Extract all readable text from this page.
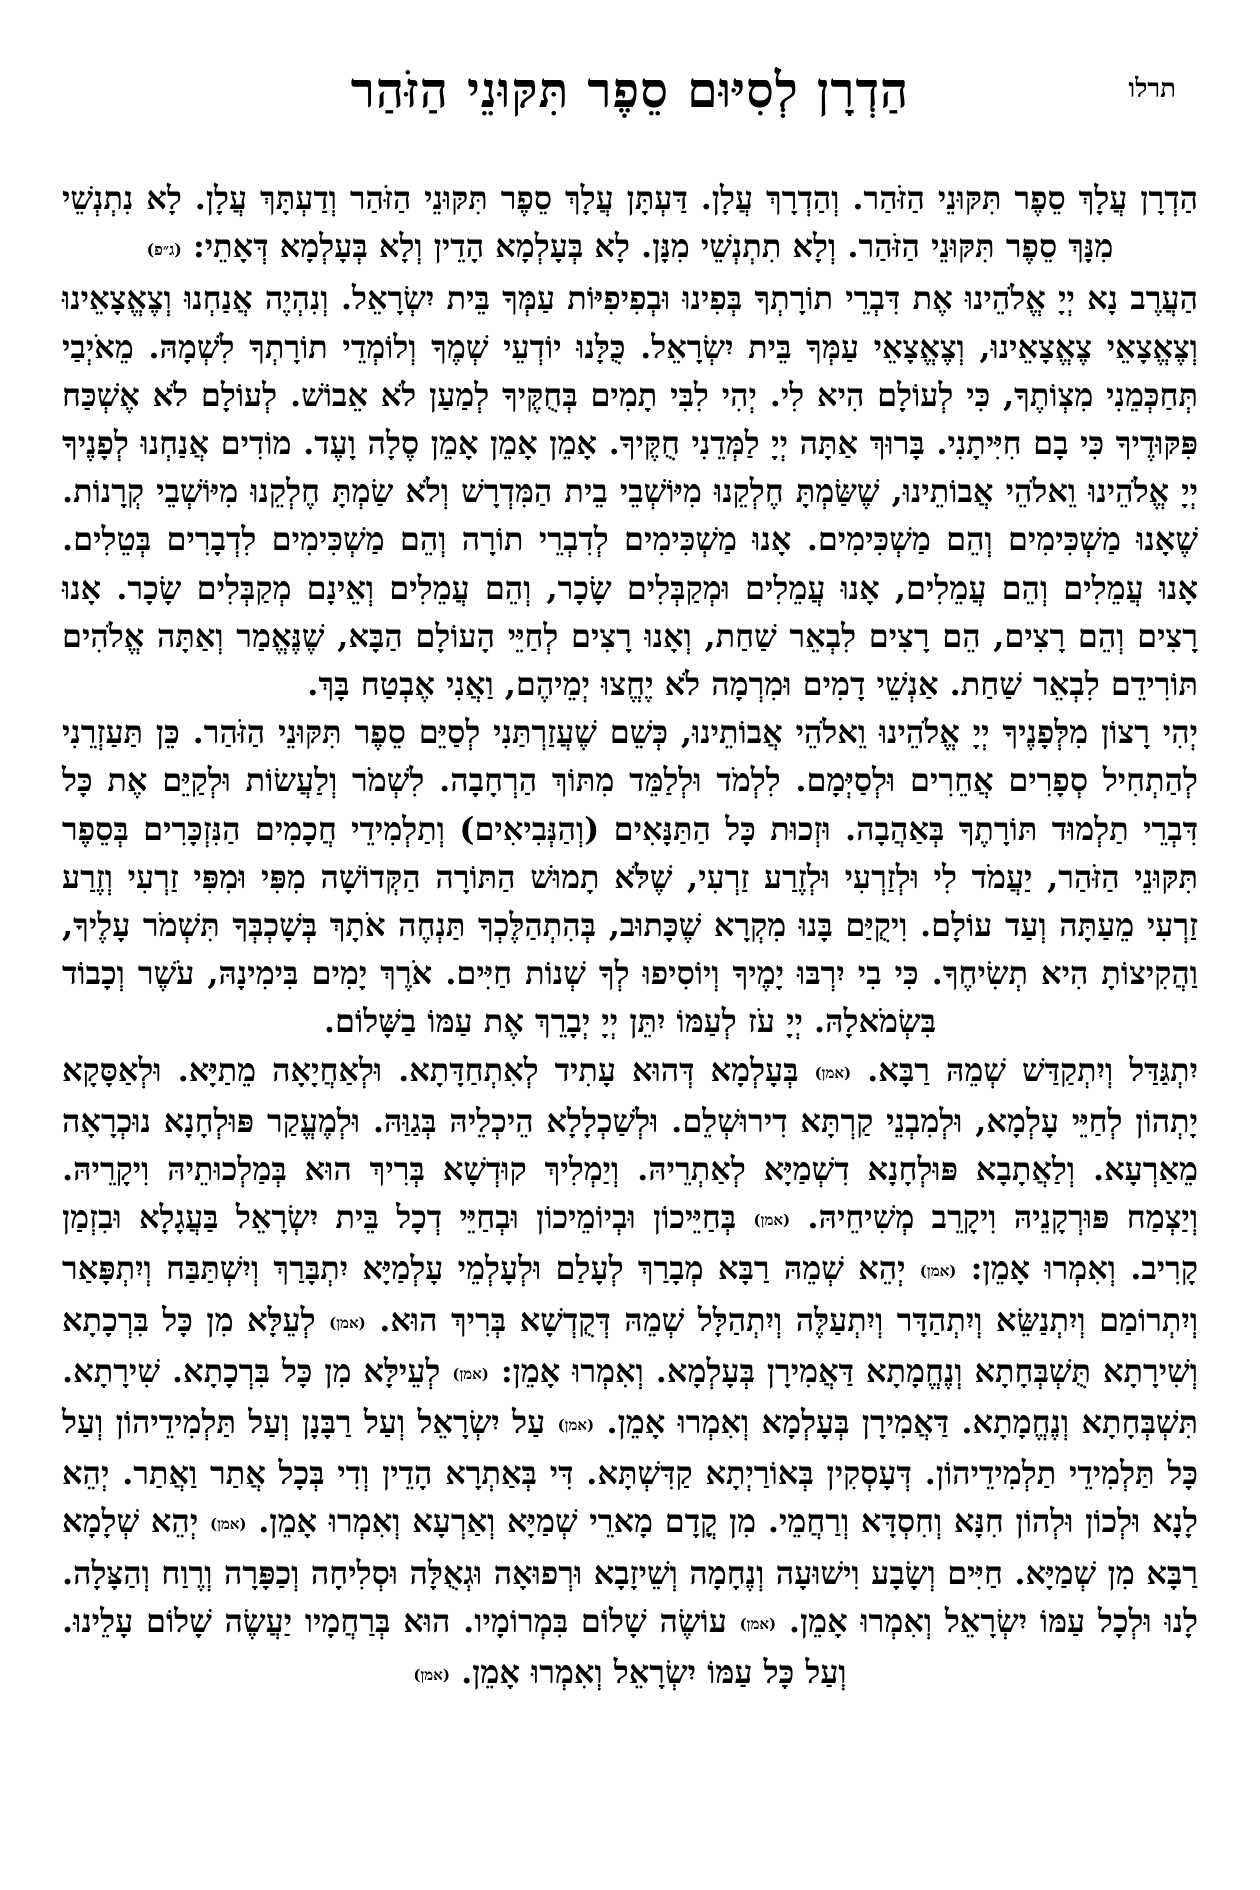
תרלו
הַדְרָן לְסִיּוּם סֵפֶר תִּקּוּנֵי הַזֹּהַר

הַדְרָן עֲלָךְ סֵפֶר תִּקּוּנֵי הַזֹּהַר. וְהַדְרָךְ עֲלָן. דַּעְתָּן עֲלָךְ סֵפֶר תִּקּוּנֵי הַזֹּהַר וְדַעְתָּךְ עֲלָן. לָא נִתְנְשֵׁי מִנָּךְ סֵפֶר תִּקּוּנֵי הַזֹּהַר. וְלָא תִתְנְשֵׁי מִנָּן. לָא בְּעָלְמָא הָדֵין וְלָא בְּעָלְמָא דְּאָתֵי: (ג״פ)

הַעֲרֶב נָא יְיָ אֱלֹהֵינוּ אֶת דִּבְרֵי תוֹרָתְךָ בְּפִינוּ וּבְפִיפִיּוֹת עַמְּךָ בֵּית יִשְׂרָאֵל. וְנִהְיֶה אֲנַחְנוּ וְצֶאֱצָאֵינוּ וְצֶאֱצָאֵי צֶאֱצָאֵינוּ, וְצֶאֱצָאֵי עַמְּךָ בֵּית יִשְׂרָאֵל. כֻּלָּנוּ יוֹדְעֵי שְׁמֶךָ וְלוֹמְדֵי תוֹרָתְךָ לִשְׁמָהּ. מֵאֹיְבַי תְּחַכְּמֵנִי מִצְוֹתֶךָ, כִּי לְעוֹלָם הִיא לִי. יְהִי לִבִּי תָמִים בְּחֻקֶּיךָ לְמַעַן לֹא אֵבוֹשׁ. לְעוֹלָם לֹא אֶשְׁכַּח פִּקּוּדֶיךָ כִּי בָם חִיִּיתָנִי. בָּרוּךְ אַתָּה יְיָ לַמְּדֵנִי חֻקֶּיךָ. אָמֵן אָמֵן אָמֵן סֶלָה וָעֶד. מוֹדִים אֲנַחְנוּ לְפָנֶיךָ יְיָ אֱלֹהֵינוּ וֵאלֹהֵי אֲבוֹתֵינוּ, שֶׁשַּׂמְתָּ חֶלְקֵנוּ מִיּוֹשְׁבֵי בֵית הַמִּדְרָשׁ וְלֹא שַׂמְתָּ חֶלְקֵנוּ מִיּוֹשְׁבֵי קְרָנוֹת. שֶׁאָנוּ מַשְׁכִּימִים וְהֵם מַשְׁכִּימִים. אָנוּ מַשְׁכִּימִים לְדִבְרֵי תוֹרָה וְהֵם מַשְׁכִּימִים לִדְבָרִים בְּטֵלִים. אָנוּ עֲמֵלִים וְהֵם עֲמֵלִים, אָנוּ עֲמֵלִים וּמְקַבְּלִים שָׂכָר, וְהֵם עֲמֵלִים וְאֵינָם מְקַבְּלִים שָׂכָר. אָנוּ רָצִים וְהֵם רָצִים, הֵם רָצִים לִבְאֵר שַׁחַת, וְאָנוּ רָצִים לְחַיֵּי הָעוֹלָם הַבָּא, שֶׁנֶּאֱמַר וְאַתָּה אֱלֹהִים תּוֹרִידֵם לִבְאֵר שַׁחַת. אַנְשֵׁי דָמִים וּמִרְמָה לֹא יֶחֱצוּ יְמֵיהֶם, וַאֲנִי אֶבְטַח בָּךְ.

יְהִי רָצוֹן מִלְּפָנֶיךָ יְיָ אֱלֹהֵינוּ וֵאלֹהֵי אֲבוֹתֵינוּ, כְּשֵׁם שֶׁעֲזַרְתַּנִי לְסַיֵּם סֵפֶר תִּקּוּנֵי הַזֹּהַר. כֵּן תַּעַזְרֵנִי לְהַתְחִיל סְפָרִים אֲחֵרִים וּלְסַיְּמָם. לִלְמֹד וּלְלַמֵּד מִתּוֹךְ הַרְחָבָה. לִשְׁמֹר וְלַעֲשׂוֹת וּלְקַיֵּם אֶת כָּל דִּבְרֵי תַלְמוּד תּוֹרָתֶךָ בְּאַהֲבָה. וּזְכוּת כָּל הַתַּנָּאִים (וְהַנְּבִיאִים) וְתַלְמִידֵי חֲכָמִים הַנִּזְכָּרִים בְּסֵפֶר תִּקּוּנֵי הַזֹּהַר, יַעֲמֹד לִי וּלְזַרְעִי וּלְזֶרַע זַרְעִי, שֶׁלֹּא תָמוּשׁ הַתּוֹרָה הַקְּדוֹשָׁה מִפִּי וּמִפִּי זַרְעִי וְזֶרַע זַרְעִי מֵעַתָּה וְעַד עוֹלָם. וִיקֻיַּם בָּנוּ מִקְרָא שֶׁכָּתוּב, בְּהִתְהַלֶּכְךָ תַּנְחֶה אֹתָךְ בְּשָׁכְבְּךָ תִּשְׁמֹר עָלֶיךָ, וַהֲקִיצוֹתָ הִיא תְשִׂיחֶךָ. כִּי בִי יִרְבּוּ יָמֶיךָ וְיוֹסִיפוּ לְךָ שְׁנוֹת חַיִּים. אֹרֶךְ יָמִים בִּימִינָהּ, עֹשֶׁר וְכָבוֹד בִּשְׂמֹאלָהּ. יְיָ עֹז לְעַמּוֹ יִתֵּן יְיָ יְבָרֵךְ אֶת עַמּוֹ בַשָּׁלוֹם.

יִתְגַּדַּל וְיִתְקַדַּשׁ שְׁמֵהּ רַבָּא. (אמן) בְּעָלְמָא דְּהוּא עָתִיד לְאִתְחַדָּתָא. וּלְאַחֲיָאָה מֵתַיָּא. וּלְאַסָּקָא יָתְהוֹן לְחַיֵּי עָלְמָא, וּלְמִבְנֵי קַרְתָּא דִירוּשְׁלֵם. וּלְשַׁכְלָלָא הֵיכְלֵיהּ בְּגַוַּהּ. וּלְמֶעֱקַר פּוּלְחָנָא נוּכְרָאָה מֵאַרְעָא. וְלַאֲתָבָא פּוּלְחָנָא דִשְׁמַיָּא לְאַתְרֵיהּ. וְיַמְלִיךְ קוּדְשָׁא בְּרִיךְ הוּא בְּמַלְכוּתֵיהּ וִיקָרֵיהּ. וְיַצְמַח פּוּרְקָנֵיהּ וִיקָרֵב מְשִׁיחֵיהּ. (אמן) בְּחַיֵּיכוֹן וּבְיוֹמֵיכוֹן וּבְחַיֵּי דְכָל בֵּית יִשְׂרָאֵל בַּעֲגָלָא וּבִזְמַן קָרִיב. וְאִמְרוּ אָמֵן: (אמן) יְהֵא שְׁמֵהּ רַבָּא מְבָרַךְ לְעָלַם וּלְעָלְמֵי עָלְמַיָּא יִתְבָּרַךְ וְיִשְׁתַּבַּח וְיִתְפָּאַר וְיִתְרוֹמַם וְיִתְנַשֵּׂא וְיִתְהַדָּר וְיִתְעַלֶּה וְיִתְהַלָּל שְׁמֵהּ דְּקֻדְשָׁא בְּרִיךְ הוּא. (אמן) לְעֵלָּא מִן כָּל בִּרְכָתָא וְשִׁירָתָא תֻּשְׁבְּחָתָא וְנֶחֱמָתָא דַּאֲמִירָן בְּעָלְמָא. וְאִמְרוּ אָמֵן: (אמן) לְעֵילָּא מִן כָּל בִּרְכָתָא. שִׁירָתָא. תִּשְׁבְּחָתָא וְנֶחֱמָתָא. דַּאֲמִירָן בְּעָלְמָא וְאִמְרוּ אָמֵן. (אמן) עַל יִשְׂרָאֵל וְעַל רַבָּנָן וְעַל תַּלְמִידֵיהוֹן וְעַל כָּל תַּלְמִידֵי תַלְמִידֵיהוֹן. דְּעָסְקִין בְּאוֹרַיְתָא קַדִּשְׁתָּא. דִּי בְּאַתְרָא הָדֵין וְדִי בְּכָל אֲתַר וַאֲתַר. יְהֵא לָנָא וּלְכוֹן וּלְהוֹן חִנָּא וְחִסְדָּא וְרַחֲמֵי. מִן קֳדָם מָארֵי שְׁמַיָּא וְאַרְעָא וְאִמְרוּ אָמֵן. (אמן) יְהֵא שְׁלָמָא רַבָּא מִן שְׁמַיָּא. חַיִּים וְשָׂבָע וִישׁוּעָה וְנֶחָמָה וְשֵׁיזָבָא וּרְפוּאָה וּגְאֻלָּה וּסְלִיחָה וְכַפָּרָה וְרֶוַח וְהַצָּלָה. לָנוּ וּלְכָל עַמּוֹ יִשְׂרָאֵל וְאִמְרוּ אָמֵן. (אמן) עוֹשֶׂה שָׁלוֹם בִּמְרוֹמָיו. הוּא בְּרַחֲמָיו יַעֲשֶׂה שָׁלוֹם עָלֵינוּ. וְעַל כָּל עַמּוֹ יִשְׂרָאֵל וְאִמְרוּ אָמֵן. (אמן)
